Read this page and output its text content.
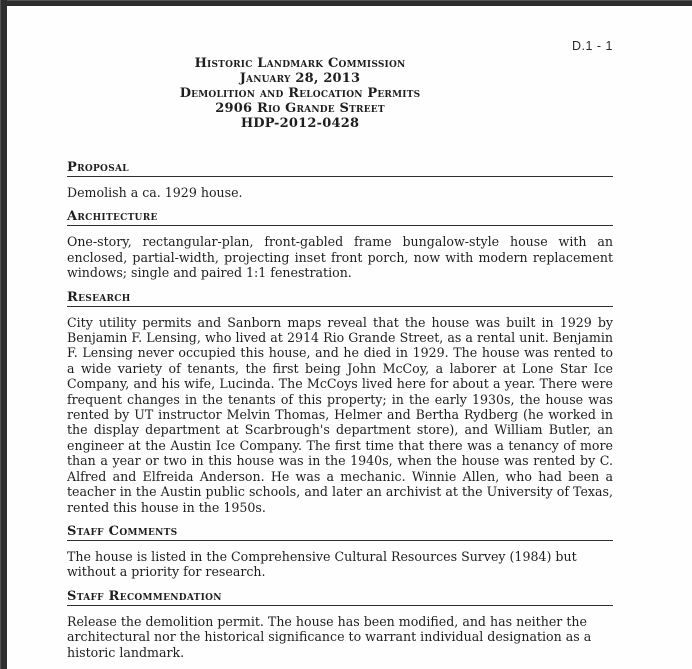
D.1 - 1
Historic Landmark Commission
January 28, 2013
Demolition and Relocation Permits
2906 Rio Grande Street
HDP-2012-0428
Proposal

Demolish a ca. 1929 house.

Architecture

One-story, rectangular-plan, front-gabled frame bungalow-style house with an enclosed, partial-width, projecting inset front porch, now with modern replacement windows; single and paired 1:1 fenestration.

Research

City utility permits and Sanborn maps reveal that the house was built in 1929 by Benjamin F. Lensing, who lived at 2914 Rio Grande Street, as a rental unit. Benjamin F. Lensing never occupied this house, and he died in 1929. The house was rented to a wide variety of tenants, the first being John McCoy, a laborer at Lone Star Ice Company, and his wife, Lucinda. The McCoys lived here for about a year. There were frequent changes in the tenants of this property; in the early 1930s, the house was rented by UT instructor Melvin Thomas, Helmer and Bertha Rydberg (he worked in the display department at Scarbrough's department store), and William Butler, an engineer at the Austin Ice Company. The first time that there was a tenancy of more than a year or two in this house was in the 1940s, when the house was rented by C. Alfred and Elfreida Anderson. He was a mechanic. Winnie Allen, who had been a teacher in the Austin public schools, and later an archivist at the University of Texas, rented this house in the 1950s.

Staff Comments

The house is listed in the Comprehensive Cultural Resources Survey (1984) but without a priority for research.

Staff Recommendation

Release the demolition permit. The house has been modified, and has neither the architectural nor the historical significance to warrant individual designation as a historic landmark.
